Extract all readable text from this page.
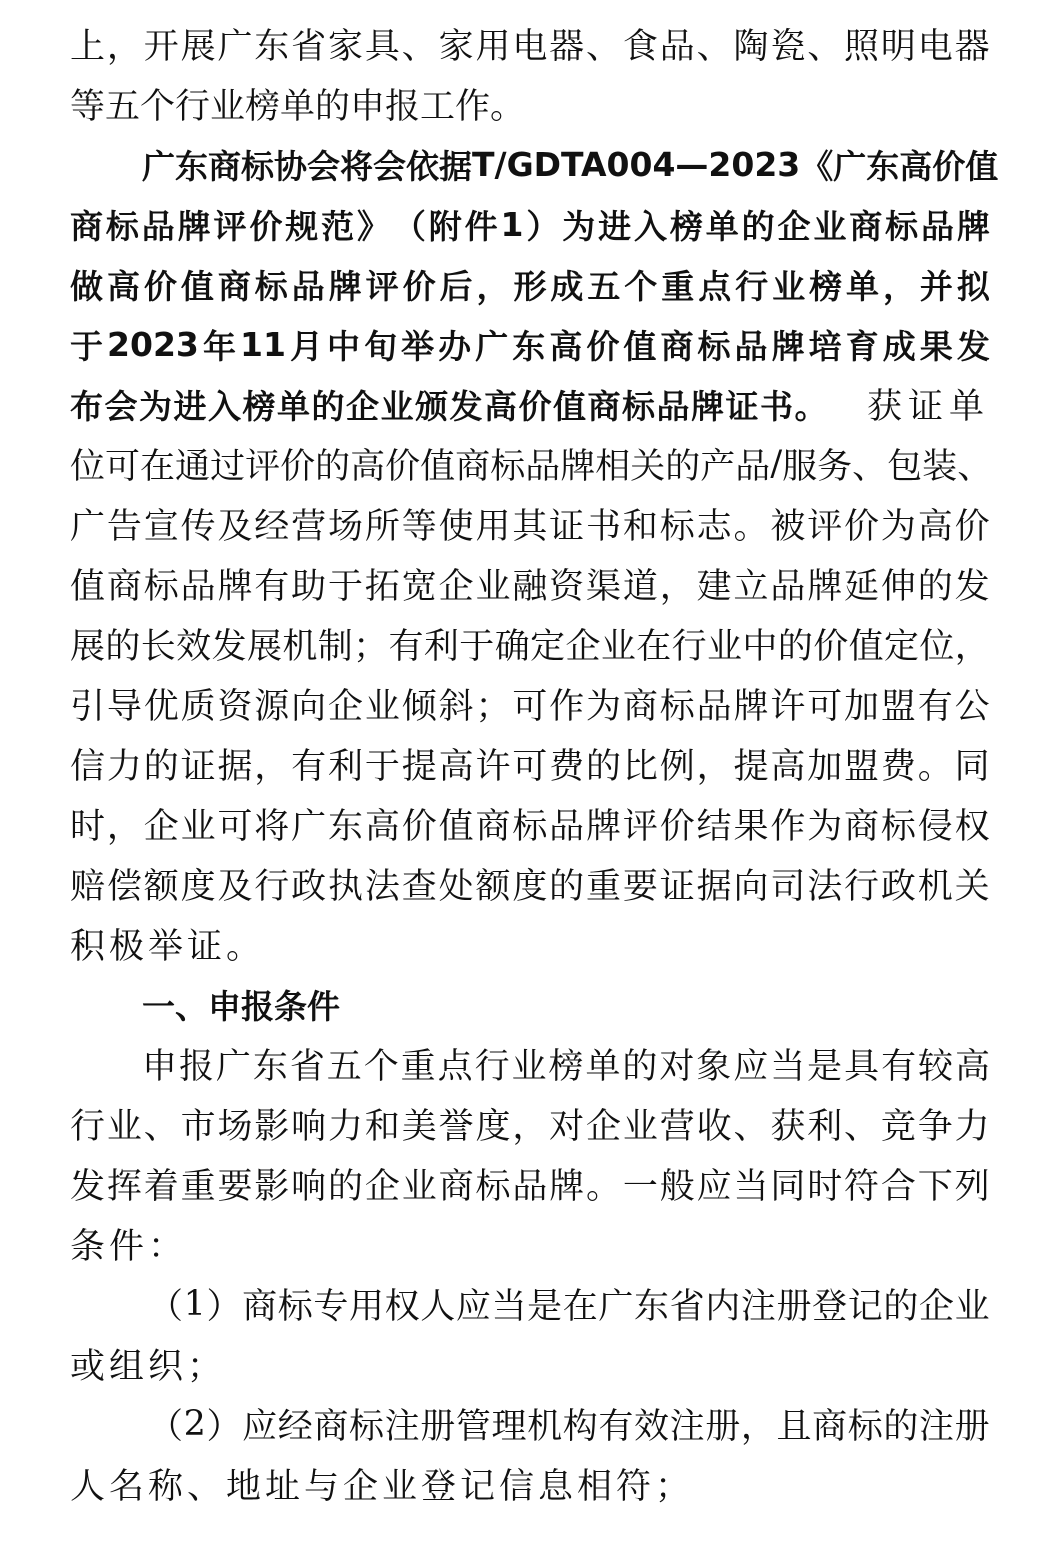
上 ， 开 展 广 东 省 家 具 、 家 用 电 器 、 食 品 、 陶 瓷 、 照 明 电 器
等五个行业榜单的申报工作。
广 东 商 标 协 会 将 会 依 据 T/GDTA004 — 2023 《 广 东 高 价 值
商 标 品 牌 评 价 规 范 》 （ 附 件 1 ） 为 进 入 榜 单 的 企 业 商 标 品 牌
做 高 价 值 商 标 品 牌 评 价 后 ， 形 成 五 个 重 点 行 业 榜 单 ， 并 拟
于 2023 年 11 月 中 旬 举 办 广 东 高 价 值 商 标 品 牌 培 育 成 果 发
布会为进入榜单的企业颁发高价值商标品牌证书。 获证单
位 可 在 通 过 评 价 的 高 价 值 商 标 品 牌 相 关 的 产 品 / 服 务 、 包 装 、
广 告 宣 传 及 经 营 场 所 等 使 用 其 证 书 和 标 志 。 被 评 价 为 高 价
值 商 标 品 牌 有 助 于 拓 宽 企 业 融 资 渠 道 ， 建 立 品 牌 延 伸 的 发
展 的 长 效 发 展 机 制 ； 有 利 于 确 定 企 业 在 行 业 中 的 价 值 定 位 ，
引 导 优 质 资 源 向 企 业 倾 斜 ； 可 作 为 商 标 品 牌 许 可 加 盟 有 公
信 力 的 证 据 ， 有 利 于 提 高 许 可 费 的 比 例 ， 提 高 加 盟 费 。 同
时 ， 企 业 可 将 广 东 高 价 值 商 标 品 牌 评 价 结 果 作 为 商 标 侵 权
赔 偿 额 度 及 行 政 执 法 查 处 额 度 的 重 要 证 据 向 司 法 行 政 机 关
积极举证。
一、申报条件
申 报 广 东 省 五 个 重 点 行 业 榜 单 的 对 象 应 当 是 具 有 较 高
行 业 、 市 场 影 响 力 和 美 誉 度 ， 对 企 业 营 收 、 获 利 、 竞 争 力
发 挥 着 重 要 影 响 的 企 业 商 标 品 牌 。 一 般 应 当 同 时 符 合 下 列
条件：
（ 1 ） 商 标 专 用 权 人 应 当 是 在 广 东 省 内 注 册 登 记 的 企 业
或组织；
（ 2 ） 应 经 商 标 注 册 管 理 机 构 有 效 注 册 ， 且 商 标 的 注 册
人名称、地址与企业登记信息相符；
